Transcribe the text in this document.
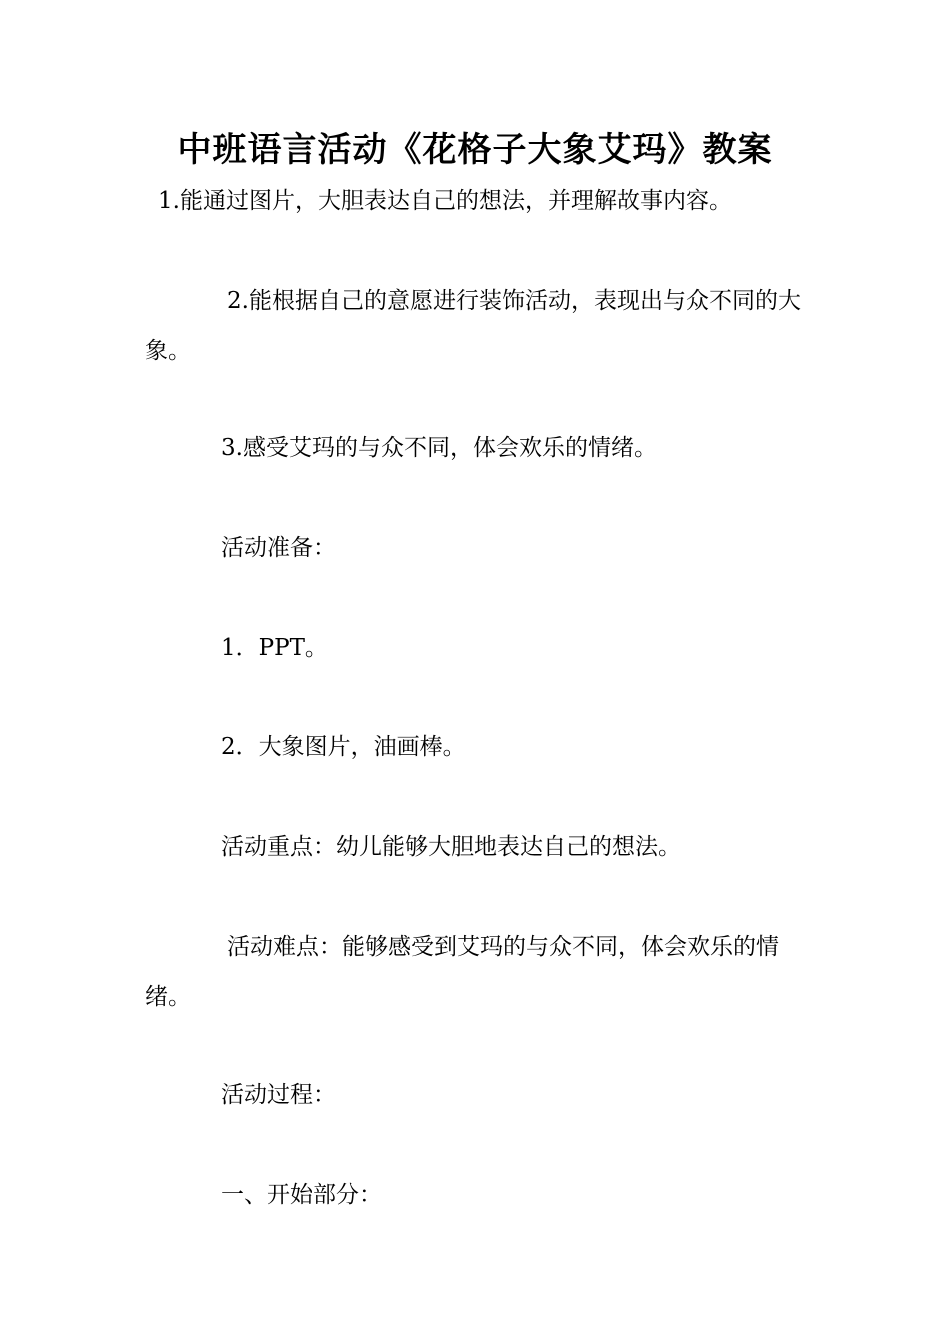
中班语言活动《花格子大象艾玛》教案

1.能通过图片，大胆表达自己的想法，并理解故事内容。

2.能根据自己的意愿进行装饰活动，表现出与众不同的大象。

3.感受艾玛的与众不同，体会欢乐的情绪。

活动准备：

1．PPT。

2．大象图片，油画棒。

活动重点：幼儿能够大胆地表达自己的想法。

活动难点：能够感受到艾玛的与众不同，体会欢乐的情绪。

活动过程：

一、开始部分：
